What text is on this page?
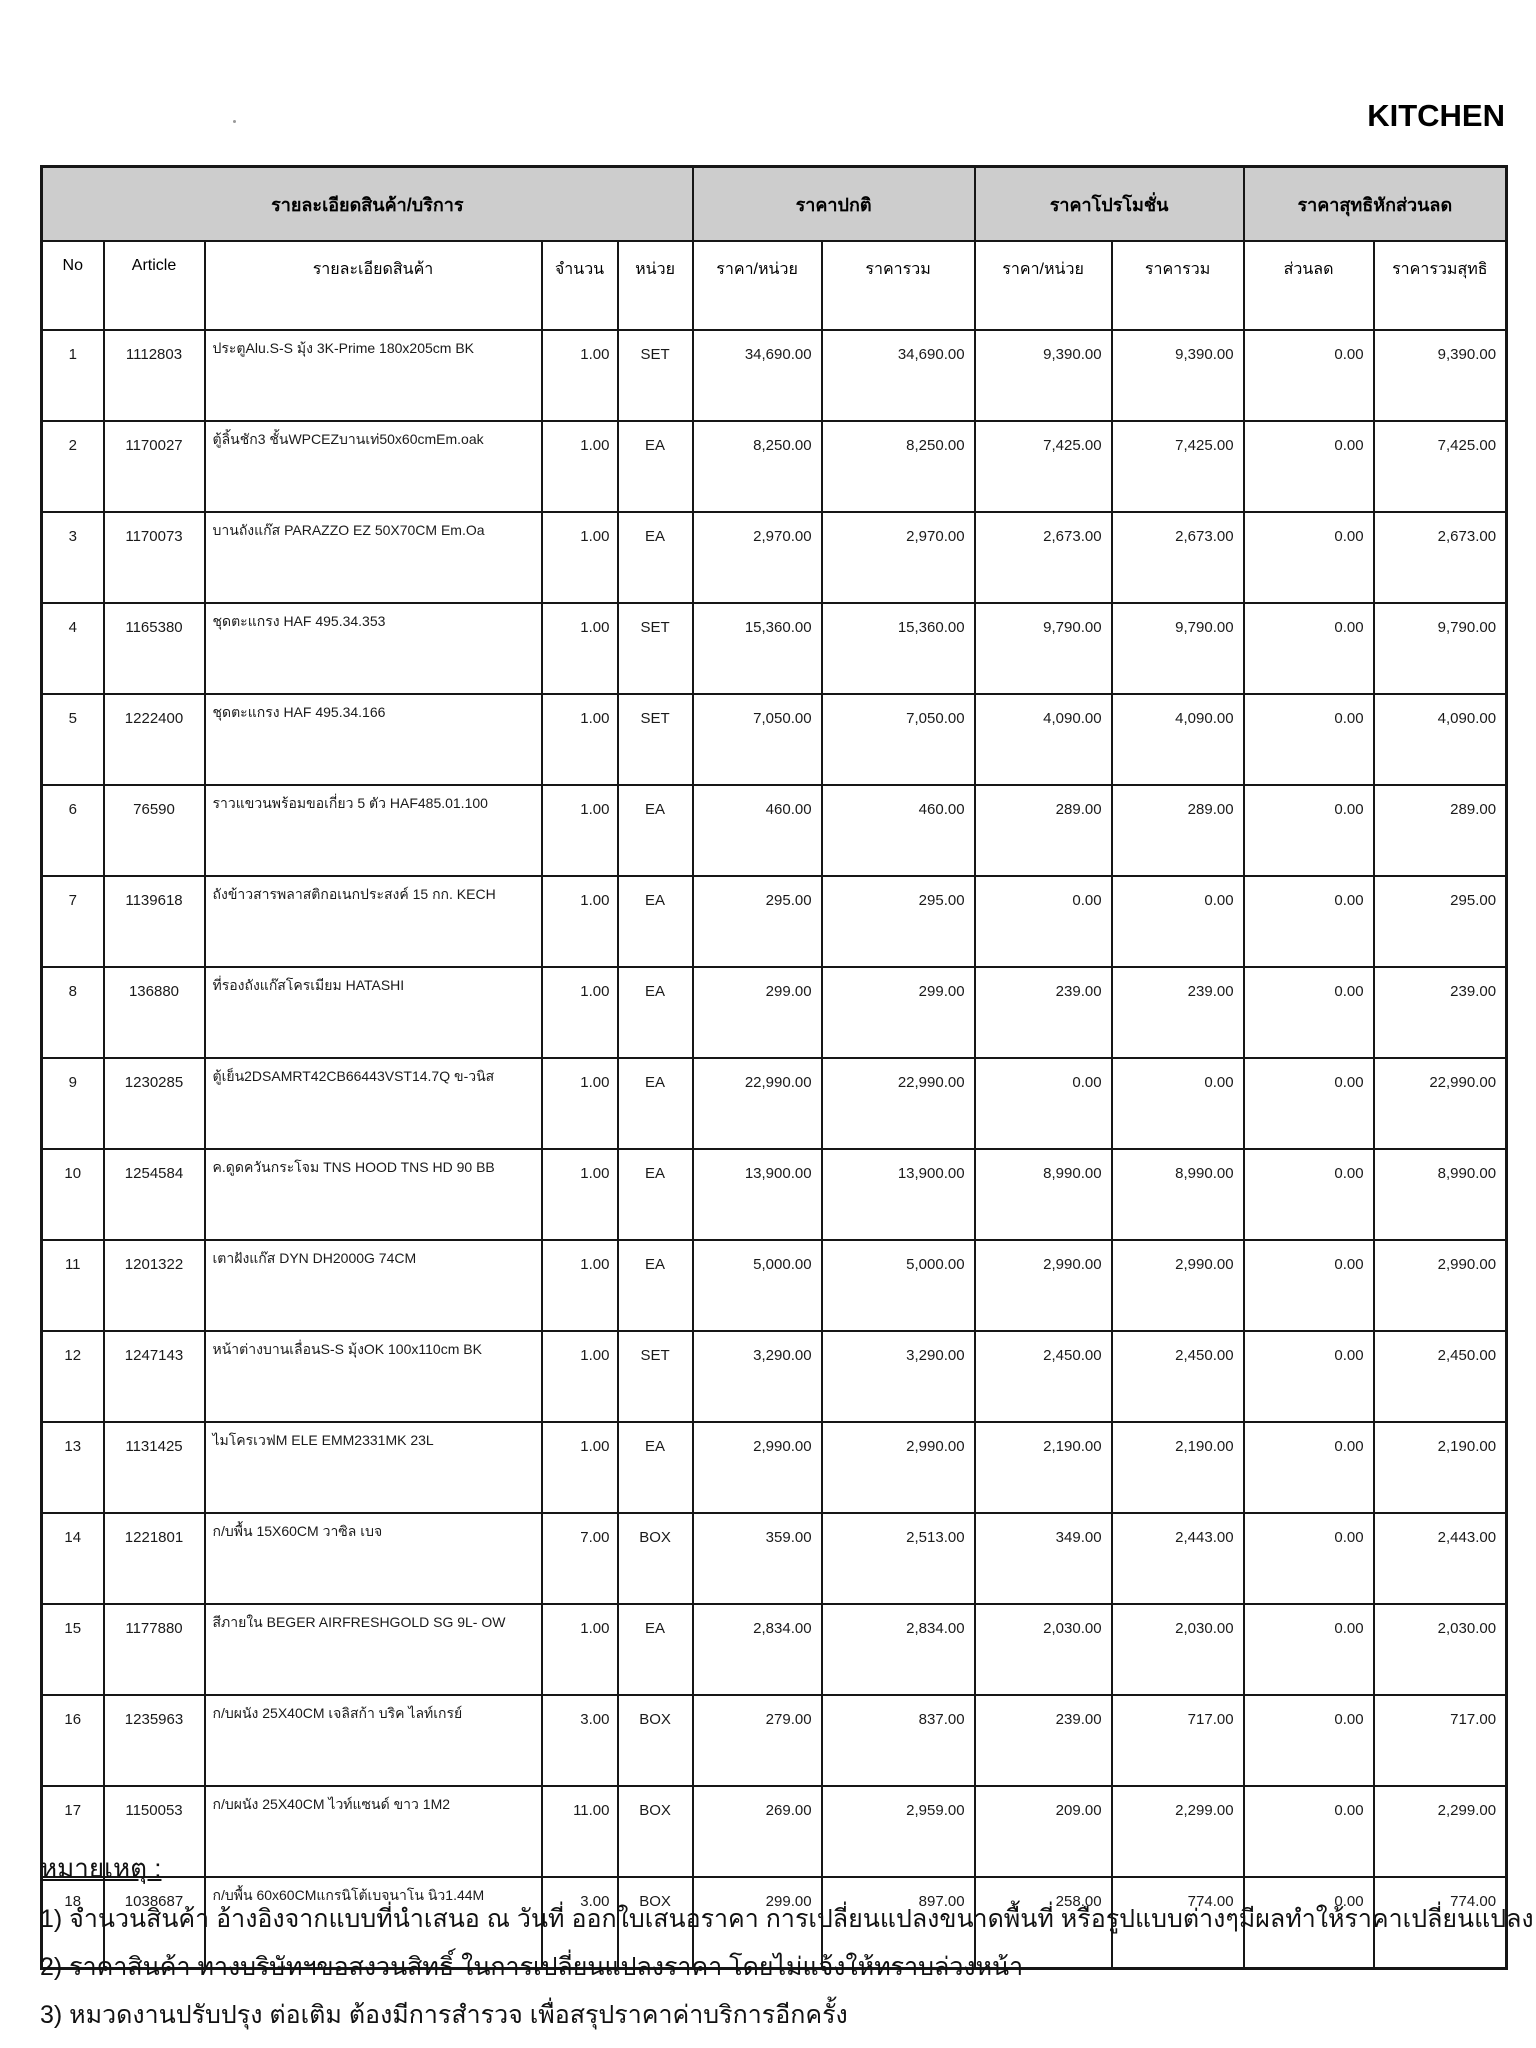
KITCHEN
รายละเอียดสินค้า/บริการ					ราคาปกติ		ราคาโปรโมชั่น		ราคาสุทธิหักส่วนลด	
No	Article	รายละเอียดสินค้า	จำนวน	หน่วย	ราคา/หน่วย	ราคารวม	ราคา/หน่วย	ราคารวม	ส่วนลด	ราคารวมสุทธิ
1	1112803	ประตูAlu.S-S มุ้ง 3K-Prime 180x205cm BK	1.00	SET	34,690.00	34,690.00	9,390.00	9,390.00	0.00	9,390.00
2	1170027	ตู้ลิ้นชัก3 ชั้นWPCEZบานเท่50x60cmEm.oak	1.00	EA	8,250.00	8,250.00	7,425.00	7,425.00	0.00	7,425.00
3	1170073	บานถังแก๊ส PARAZZO EZ 50X70CM Em.Oa	1.00	EA	2,970.00	2,970.00	2,673.00	2,673.00	0.00	2,673.00
4	1165380	ชุดตะแกรง HAF 495.34.353	1.00	SET	15,360.00	15,360.00	9,790.00	9,790.00	0.00	9,790.00
5	1222400	ชุดตะแกรง HAF 495.34.166	1.00	SET	7,050.00	7,050.00	4,090.00	4,090.00	0.00	4,090.00
6	76590	ราวแขวนพร้อมขอเกี่ยว 5 ตัว HAF485.01.100	1.00	EA	460.00	460.00	289.00	289.00	0.00	289.00
7	1139618	ถังข้าวสารพลาสติกอเนกประสงค์ 15 กก. KECH	1.00	EA	295.00	295.00	0.00	0.00	0.00	295.00
8	136880	ที่รองถังแก๊สโครเมียม HATASHI	1.00	EA	299.00	299.00	239.00	239.00	0.00	239.00
9	1230285	ตู้เย็น2DSAMRT42CB66443VST14.7Q ข-วนิส	1.00	EA	22,990.00	22,990.00	0.00	0.00	0.00	22,990.00
10	1254584	ค.ดูดควันกระโจม TNS HOOD TNS HD 90 BB	1.00	EA	13,900.00	13,900.00	8,990.00	8,990.00	0.00	8,990.00
11	1201322	เตาฝังแก๊ส DYN DH2000G 74CM	1.00	EA	5,000.00	5,000.00	2,990.00	2,990.00	0.00	2,990.00
12	1247143	หน้าต่างบานเลื่อนS-S มุ้งOK 100x110cm BK	1.00	SET	3,290.00	3,290.00	2,450.00	2,450.00	0.00	2,450.00
13	1131425	ไมโครเวฟM ELE EMM2331MK 23L	1.00	EA	2,990.00	2,990.00	2,190.00	2,190.00	0.00	2,190.00
14	1221801	ก/บพื้น 15X60CM วาซิล เบจ	7.00	BOX	359.00	2,513.00	349.00	2,443.00	0.00	2,443.00
15	1177880	สีภายใน BEGER AIRFRESHGOLD SG 9L- OW	1.00	EA	2,834.00	2,834.00	2,030.00	2,030.00	0.00	2,030.00
16	1235963	ก/บผนัง 25X40CM เจลิสก้า บริค ไลท์เกรย์	3.00	BOX	279.00	837.00	239.00	717.00	0.00	717.00
17	1150053	ก/บผนัง 25X40CM ไวท์แซนด์ ขาว 1M2	11.00	BOX	269.00	2,959.00	209.00	2,299.00	0.00	2,299.00
18	1038687	ก/บพื้น 60x60CMแกรนิโต้เบจนาโน นิว1.44M	3.00	BOX	299.00	897.00	258.00	774.00	0.00	774.00
หมายเหตุ :
1) จำนวนสินค้า อ้างอิงจากแบบที่นำเสนอ ณ วันที่ ออกใบเสนอราคา การเปลี่ยนแปลงขนาดพื้นที่ หรือรูปแบบต่างๆมีผลทำให้ราคาเปลี่ยนแปลง
2) ราคาสินค้า ทางบริษัทฯขอสงวนสิทธิ์ ในการเปลี่ยนแปลงราคา โดยไม่แจ้งให้ทราบล่วงหน้า
3) หมวดงานปรับปรุง ต่อเติม ต้องมีการสำรวจ เพื่อสรุปราคาค่าบริการอีกครั้ง
